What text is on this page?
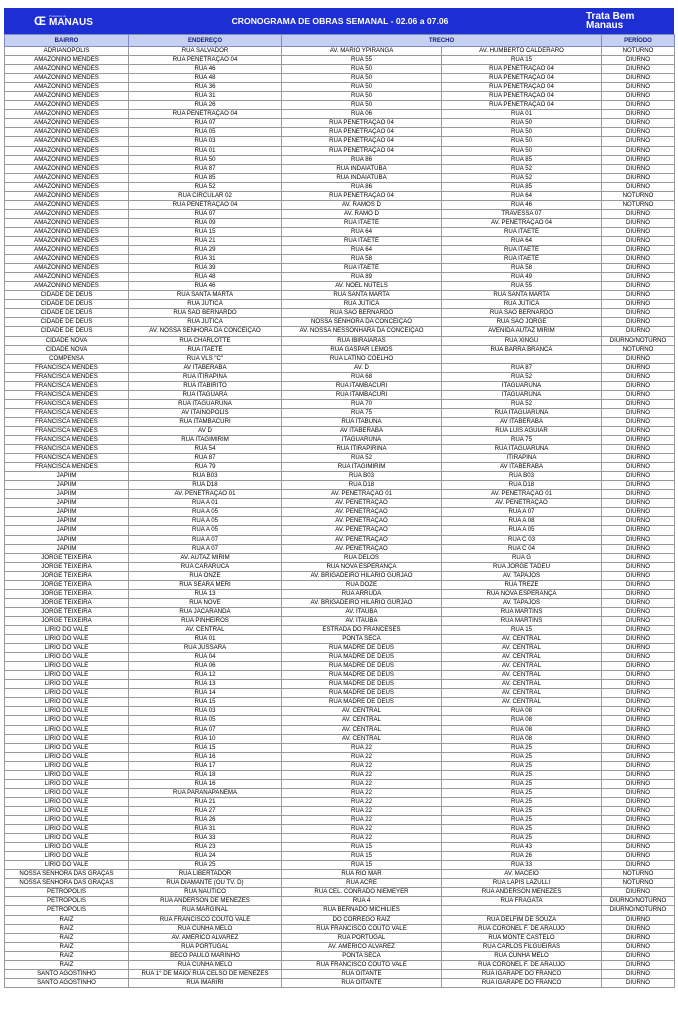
Œ Prefeitura de
MANAUS	CRONOGRAMA DE OBRAS SEMANAL - 02.06 a 07.06	Trata Bem
Manaus
BAIRRO	ENDEREÇO	TRECHO		PERÍODO
ADRIANÓPOLIS	RUA SALVADOR	AV. MÁRIO YPIRANGA	AV. HUMBERTO CALDERARO	NOTURNO
AMAZONINO MENDES	RUA PENETRAÇÃO 04	RUA 55	RUA 15	DIURNO
AMAZONINO MENDES	RUA 46	RUA 50	RUA PENETRAÇÃO 04	DIURNO
AMAZONINO MENDES	RUA 48	RUA 50	RUA PENETRAÇÃO 04	DIURNO
AMAZONINO MENDES	RUA 36	RUA 50	RUA PENETRAÇÃO 04	DIURNO
AMAZONINO MENDES	RUA 31	RUA 50	RUA PENETRAÇÃO 04	DIURNO
AMAZONINO MENDES	RUA 26	RUA 50	RUA PENETRAÇÃO 04	DIURNO
AMAZONINO MENDES	RUA PENETRAÇÃO 04	RUA 06	RUA 01	DIURNO
AMAZONINO MENDES	RUA 07	RUA PENETRAÇÃO 04	RUA 50	DIURNO
AMAZONINO MENDES	RUA 05	RUA PENETRAÇÃO 04	RUA 50	DIURNO
AMAZONINO MENDES	RUA 03	RUA PENETRAÇÃO 04	RUA 50	DIURNO
AMAZONINO MENDES	RUA 01	RUA PENETRAÇÃO 04	RUA 50	DIURNO
AMAZONINO MENDES	RUA 50	RUA 86	RUA 85	DIURNO
AMAZONINO MENDES	RUA 87	RUA INDAIATUBA	RUA 52	DIURNO
AMAZONINO MENDES	RUA 85	RUA INDAIATUBA	RUA 52	DIURNO
AMAZONINO MENDES	RUA 52	RUA 86	RUA 85	DIURNO
AMAZONINO MENDES	RUA CIRCULAR 02	RUA PENETRAÇÃO 04	RUA 64	NOTURNO
AMAZONINO MENDES	RUA PENETRAÇÃO 04	AV. RAMOS D	RUA 46	NOTURNO
AMAZONINO MENDES	RUA 07	AV. RAMO D	TRAVESSA 07	DIURNO
AMAZONINO MENDES	RUA 09	RUA ITAETÊ	AV. PENETRAÇÃO 04	DIURNO
AMAZONINO MENDES	RUA 15	RUA 64	RUA ITAETÊ	DIURNO
AMAZONINO MENDES	RUA 21	RUA ITAETÊ	RUA 64	DIURNO
AMAZONINO MENDES	RUA 29	RUA 64	RUA ITAETÊ	DIURNO
AMAZONINO MENDES	RUA 31	RUA 58	RUA ITAETÊ	DIURNO
AMAZONINO MENDES	RUA 39	RUA ITAETÊ	RUA 58	DIURNO
AMAZONINO MENDES	RUA 48	RUA 89	RUA 49	DIURNO
AMAZONINO MENDES	RUA 46	AV. NOEL NUTELS	RUA 55	DIURNO
CIDADE DE DEUS	RUA SANTA MARTA	RUA SANTA MARTA	RUA SANTA MARTA	DIURNO
CIDADE DE DEUS	RUA JUTICÁ	RUA JUTICÁ	RUA JUTICÁ	DIURNO
CIDADE DE DEUS	RUA SÃO BERNARDO	RUA SÃO BERNARDO	RUA SÃO BERNARDO	DIURNO
CIDADE DE DEUS	RUA JUTICÁ	NOSSA SENHORA DA CONCEIÇÃO	RUA SÃO JORGE	DIURNO
CIDADE DE DEUS	AV. NOSSA SENHORA DA CONCEIÇÃO	AV. NOSSA NESSONHARA DA CONCEIÇÃO	AVENIDA AUTAZ MIRIM	DIURNO
CIDADE NOVA	RUA CHARLOTTE	RUA IBIRAIARAS	RUA XINGU	DIURNO/NOTURNO
CIDADE NOVA	RUA ITAETÊ	RUA GASPAR LEMOS	RUA BARRA BRANCA	NOTURNO
COMPENSA	RUA VLS "C"	RUA LATINO COELHO		DIURNO
FRANCISCA MENDES	AV ITABERABA	AV. D	RUA 87	DIURNO
FRANCISCA MENDES	RUA ITIRAPINA	RUA 68	RUA 52	DIURNO
FRANCISCA MENDES	RUA ITABIRITO	RUA ITAMBACURI	ITAGUARUNA	DIURNO
FRANCISCA MENDES	RUA ITAGUARA	RUA ITAMBACURI	ITAGUARUNA	DIURNO
FRANCISCA MENDES	RUA ITAGUARUNA	RUA 70	RUA 52	DIURNO
FRANCISCA MENDES	AV ITAINÓPOLIS	RUA 75	RUA ITAGUARUNA	DIURNO
FRANCISCA MENDES	RUA ITAMBACURI	RUA ITABUNA	AV ITABERABA	DIURNO
FRANCISCA MENDES	AV D	AV ITABERABA	RUA LUÍS AGUIAR	DIURNO
FRANCISCA MENDES	RUA ITAGIMIRIM	ITAGUARUNA	RUA 75	DIURNO
FRANCISCA MENDES	RUA 54	RUA ITIRAPIRINA	RUA ITAGUARUNA	DIURNO
FRANCISCA MENDES	RUA 87	RUA 52	ITIRAPINA	DIURNO
FRANCISCA MENDES	RUA 79	RUA ITAGIMIRIM	AV ITABERABA	DIURNO
JAPIIM	RUA B03	RUA B03	RUA B03	DIURNO
JAPIIM	RUA D18	RUA D18	RUA D18	DIURNO
JAPIIM	AV. PENETRAÇÃO 01	AV. PENETRAÇÃO 01	AV. PENETRAÇÃO 01	DIURNO
JAPIIM	RUA A 01	AV. PENETRAÇÃO	AV. PENETRAÇÃO	DIURNO
JAPIIM	RUA A 05	AV. PENETRAÇÃO	RUA A 07	DIURNO
JAPIIM	RUA A 05	AV. PENETRAÇÃO	RUA A 08	DIURNO
JAPIIM	RUA A 05	AV. PENETRAÇÃO	RUA A 05	DIURNO
JAPIIM	RUA A 07	AV. PENETRAÇÃO	RUA C 03	DIURNO
JAPIIM	RUA A 07	AV. PENETRAÇÃO	RUA C 04	DIURNO
JORGE TEIXEIRA	AV. AUTAZ MIRIM	RUA DELOS	RUA G	DIURNO
JORGE TEIXEIRA	RUA CARARUCÁ	RUA NOVA ESPERANÇA	RUA JORGE TADEU	DIURNO
JORGE TEIXEIRA	RUA ONZE	AV. BRIGADEIRO HILÁRIO GURJÃO	AV. TAPAJÓS	DIURNO
JORGE TEIXEIRA	RUA SEARA MERI	RUA DOZE	RUA TREZE	DIURNO
JORGE TEIXEIRA	RUA 13	RUA ARRUDA	RUA NOVA ESPERANÇA	DIURNO
JORGE TEIXEIRA	RUA NOVE	AV. BRIGADEIRO HILÁRIO GURJÃO	AV. TAPAJÓS	DIURNO
JORGE TEIXEIRA	RUA JACARANDÁ	AV. ITAÚBA	RUA MARTINS	DIURNO
JORGE TEIXEIRA	RUA PINHEIROS	AV. ITAÚBA	RUA MARTINS	DIURNO
LÍRIO DO VALE	AV. CENTRAL	ESTRADA DO FRANCESES	RUA 15	DIURNO
LÍRIO DO VALE	RUA 01	PONTA SECA	AV. CENTRAL	DIURNO
LÍRIO DO VALE	RUA JUSSARA	RUA MADRE DE DEUS	AV. CENTRAL	DIURNO
LÍRIO DO VALE	RUA 04	RUA MADRE DE DEUS	AV. CENTRAL	DIURNO
LÍRIO DO VALE	RUA 06	RUA MADRE DE DEUS	AV. CENTRAL	DIURNO
LÍRIO DO VALE	RUA 12	RUA MADRE DE DEUS	AV. CENTRAL	DIURNO
LÍRIO DO VALE	RUA 13	RUA MADRE DE DEUS	AV. CENTRAL	DIURNO
LÍRIO DO VALE	RUA 14	RUA MADRE DE DEUS	AV. CENTRAL	DIURNO
LÍRIO DO VALE	RUA 15	RUA MADRE DE DEUS	AV. CENTRAL	DIURNO
LÍRIO DO VALE	RUA 03	AV. CENTRAL	RUA 08	DIURNO
LÍRIO DO VALE	RUA 05	AV. CENTRAL	RUA 08	DIURNO
LÍRIO DO VALE	RUA 07	AV. CENTRAL	RUA 08	DIURNO
LÍRIO DO VALE	RUA 10	AV. CENTRAL	RUA 08	DIURNO
LÍRIO DO VALE	RUA 15	RUA 22	RUA 25	DIURNO
LÍRIO DO VALE	RUA 16	RUA 22	RUA 25	DIURNO
LÍRIO DO VALE	RUA 17	RUA 22	RUA 25	DIURNO
LÍRIO DO VALE	RUA 18	RUA 22	RUA 25	DIURNO
LÍRIO DO VALE	RUA 16	RUA 22	RUA 25	DIURNO
LÍRIO DO VALE	RUA PARANAPANEMA	RUA 22	RUA 25	DIURNO
LÍRIO DO VALE	RUA 21	RUA 22	RUA 25	DIURNO
LÍRIO DO VALE	RUA 27	RUA 22	RUA 25	DIURNO
LÍRIO DO VALE	RUA 26	RUA 22	RUA 25	DIURNO
LÍRIO DO VALE	RUA 31	RUA 22	RUA 25	DIURNO
LÍRIO DO VALE	RUA 33	RUA 22	RUA 25	DIURNO
LÍRIO DO VALE	RUA 23	RUA 15	RUA 43	DIURNO
LÍRIO DO VALE	RUA 24	RUA 15	RUA 26	DIURNO
LÍRIO DO VALE	RUA 25	RUA 15	RUA 33	DIURNO
NOSSA SENHORA DAS GRAÇAS	RUA LIBERTADOR	RUA RIO MAR	AV. MACEIÓ	NOTURNO
NOSSA SENHORA DAS GRAÇAS	RUA DIAMANTE (OU TV. D)	RUA ACRE	RUA LAPIS LAZULLI	NOTURNO
PETRÓPOLIS	RUA NAUTICO	RUA CEL. CONRADO NIEMEYER	RUA ANDERSON MENEZES	DIURNO
PETRÓPOLIS	RUA ANDERSON DE MENEZES	RUA 4	RUA FRAGATA	DIURNO/NOTURNO
PETRÓPOLIS	RUA MARGINAL	RUA BERNADO MICHILIES		DIURNO/NOTURNO
RAIZ	RUA FRANCISCO COUTO VALE	DO CORREGO RAIZ	RUA DELFIM DE SOUZA	DIURNO
RAIZ	RUA CUNHA MELO	RUA FRANCISCO COUTO VALE	RUA CORONEL F. DE ARAUJO	DIURNO
RAIZ	AV. AMÉRICO ALVAREZ	RUA PORTUGAL	RUA MONTE CASTELO	DIURNO
RAIZ	RUA PORTUGAL	AV. AMÉRICO ALVAREZ	RUA CARLOS FILGUEIRAS	DIURNO
RAIZ	BECO PAULO MARINHO	PONTA SECA	RUA CUNHA MELO	DIURNO
RAIZ	RUA CUNHA MELO	RUA FRANCISCO COUTO VALE	RUA CORONEL F. DE ARAUJO	DIURNO
SANTO AGOSTINHO	RUA 1° DE MAIO/ RUA CELSO DE MENEZES	RUA OITANTE	RUA IGARAPÉ DO FRANCO	DIURNO
SANTO AGOSTINHO	RUA IMARIRI	RUA OITANTE	RUA IGARAPÉ DO FRANCO	DIURNO
